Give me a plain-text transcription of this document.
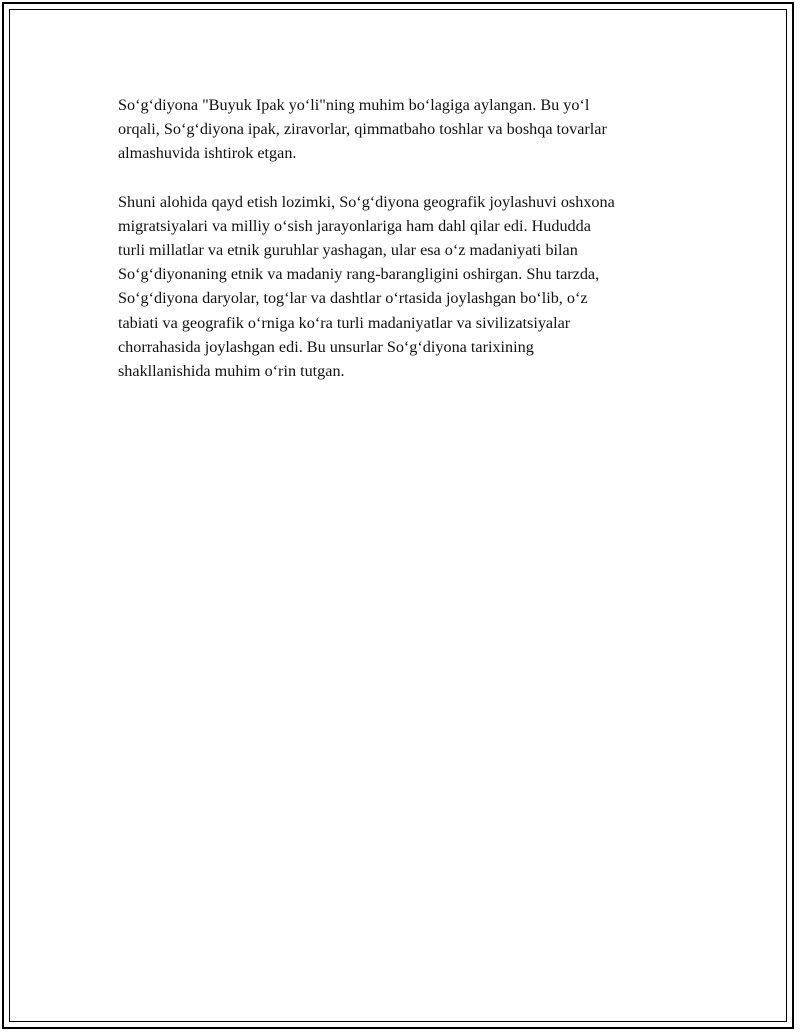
So‘g‘diyona "Buyuk Ipak yo‘li"ning muhim bo‘lagiga aylangan. Bu yo‘l
orqali, So‘g‘diyona ipak, ziravorlar, qimmatbaho toshlar va boshqa tovarlar
almashuvida ishtirok etgan.

Shuni alohida qayd etish lozimki, So‘g‘diyona geografik joylashuvi oshxona
migratsiyalari va milliy o‘sish jarayonlariga ham dahl qilar edi. Hududda
turli millatlar va etnik guruhlar yashagan, ular esa o‘z madaniyati bilan
So‘g‘diyonaning etnik va madaniy rang-barangligini oshirgan. Shu tarzda,
So‘g‘diyona daryolar, tog‘lar va dashtlar o‘rtasida joylashgan bo‘lib, o‘z
tabiati va geografik o‘rniga ko‘ra turli madaniyatlar va sivilizatsiyalar
chorrahasida joylashgan edi. Bu unsurlar So‘g‘diyona tarixining
shakllanishida muhim o‘rin tutgan.
